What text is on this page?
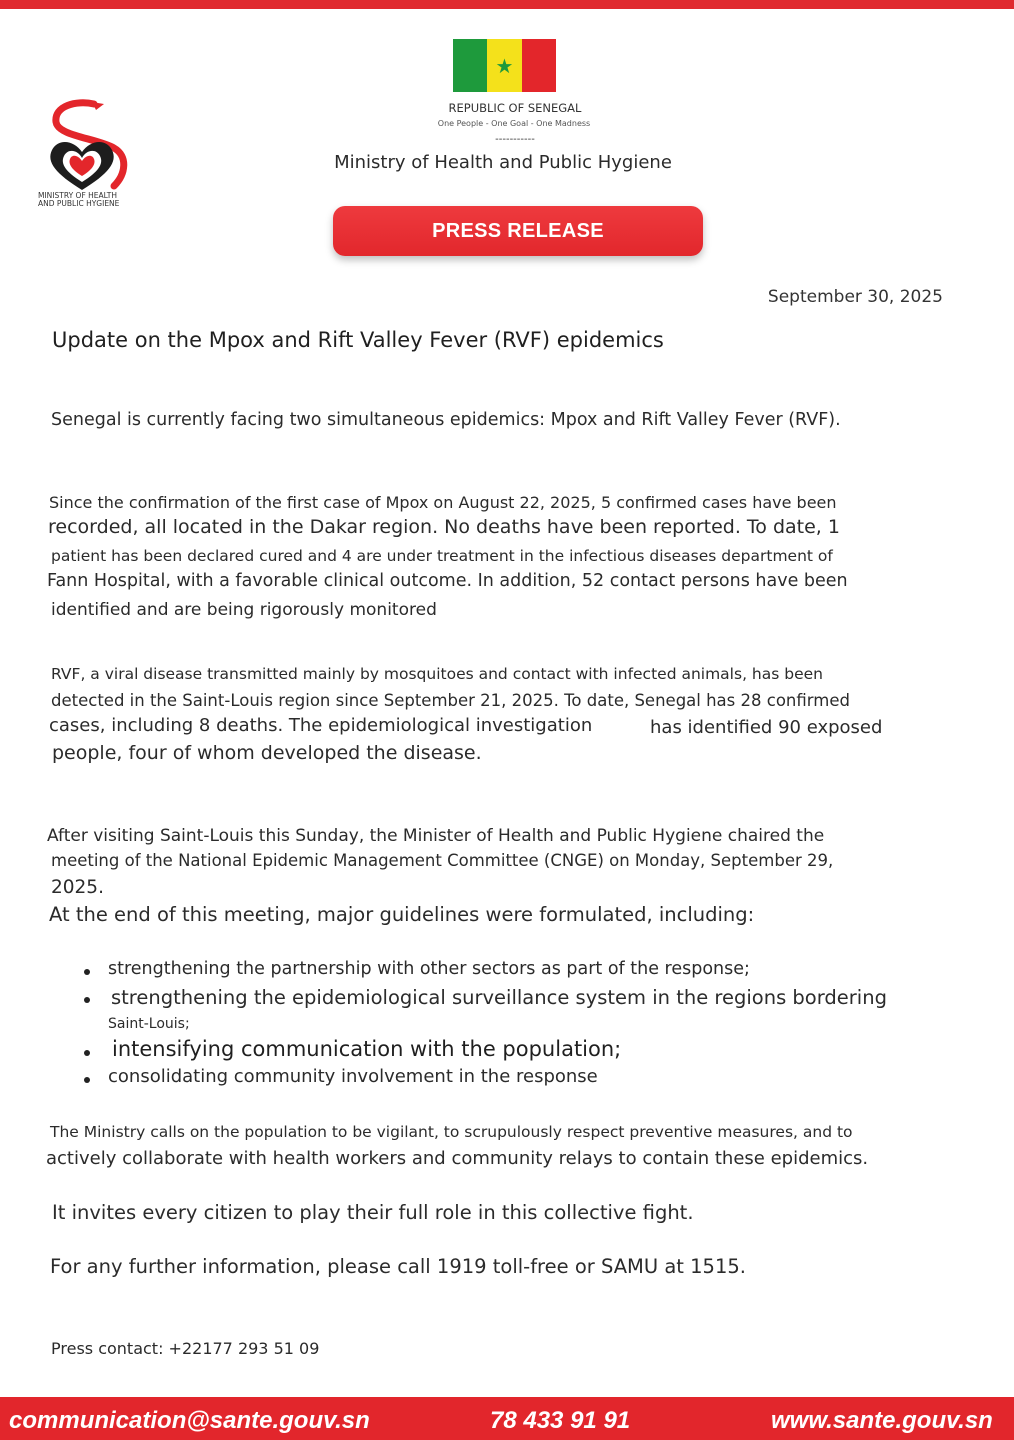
★
REPUBLIC OF SENEGAL
One People - One Goal - One Madness
-----------
Ministry of Health and Public Hygiene
MINISTRY OF HEALTH
AND PUBLIC HYGIENE
PRESS RELEASE
September 30, 2025
Update on the Mpox and Rift Valley Fever (RVF) epidemics
Senegal is currently facing two simultaneous epidemics: Mpox and Rift Valley Fever (RVF).
Since the confirmation of the first case of Mpox on August 22, 2025, 5 confirmed cases have been
recorded, all located in the Dakar region. No deaths have been reported. To date, 1
patient has been declared cured and 4 are under treatment in the infectious diseases department of
Fann Hospital, with a favorable clinical outcome. In addition, 52 contact persons have been
identified and are being rigorously monitored
RVF, a viral disease transmitted mainly by mosquitoes and contact with infected animals, has been
detected in the Saint-Louis region since September 21, 2025. To date, Senegal has 28 confirmed
cases, including 8 deaths. The epidemiological investigation	has identified 90 exposed
people, four of whom developed the disease.
After visiting Saint-Louis this Sunday, the Minister of Health and Public Hygiene chaired the
meeting of the National Epidemic Management Committee (CNGE) on Monday, September 29,
2025.
At the end of this meeting, major guidelines were formulated, including:
strengthening the partnership with other sectors as part of the response;
strengthening the epidemiological surveillance system in the regions bordering
Saint-Louis;
intensifying communication with the population;
consolidating community involvement in the response
The Ministry calls on the population to be vigilant, to scrupulously respect preventive measures, and to
actively collaborate with health workers and community relays to contain these epidemics.
It invites every citizen to play their full role in this collective fight.
For any further information, please call 1919 toll-free or SAMU at 1515.
Press contact: +22177 293 51 09
communication@sante.gouv.sn	78 433 91 91	www.sante.gouv.sn
